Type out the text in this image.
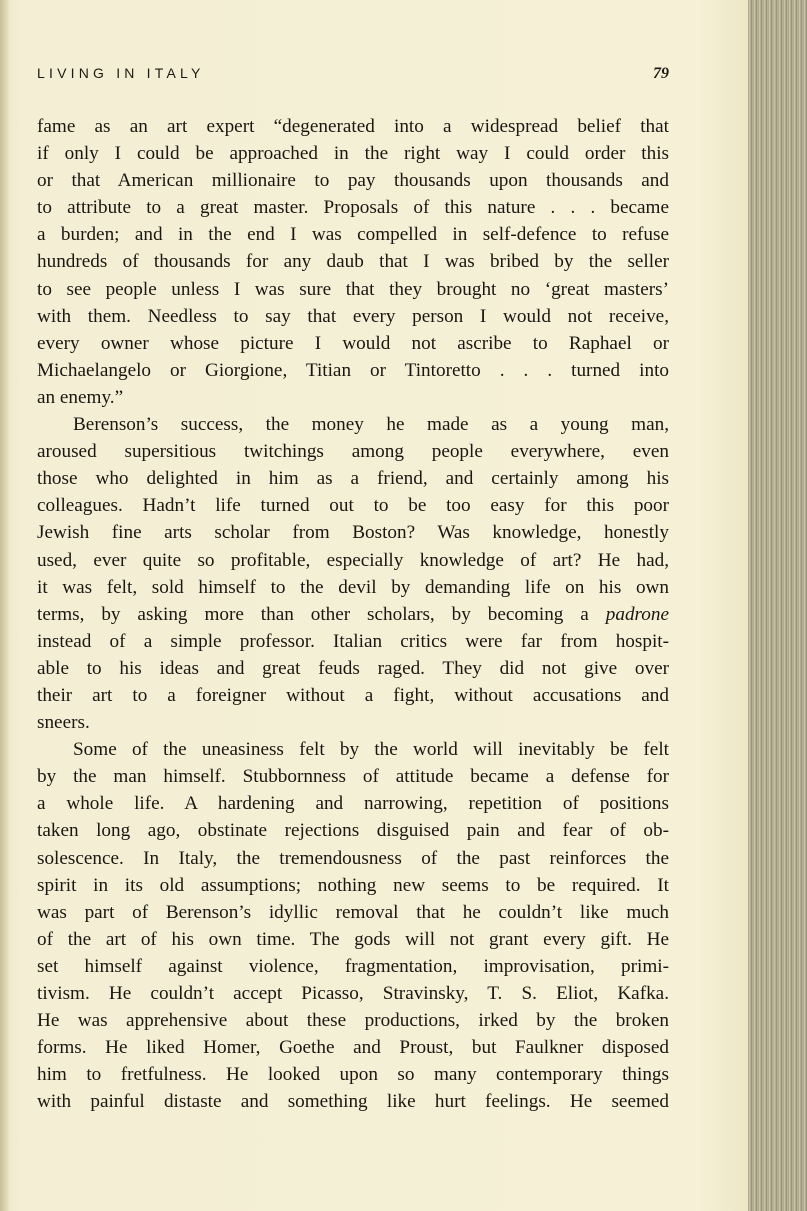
LIVING IN ITALY	79
fame as an art expert “degenerated into a widespread belief that
if only I could be approached in the right way I could order this
or that American millionaire to pay thousands upon thousands and
to attribute to a great master. Proposals of this nature . . . became
a burden; and in the end I was compelled in self-defence to refuse
hundreds of thousands for any daub that I was bribed by the seller
to see people unless I was sure that they brought no ‘great masters’
with them. Needless to say that every person I would not receive,
every owner whose picture I would not ascribe to Raphael or
Michaelangelo or Giorgione, Titian or Tintoretto . . . turned into
an enemy.”
Berenson’s success, the money he made as a young man,
aroused supersitious twitchings among people everywhere, even
those who delighted in him as a friend, and certainly among his
colleagues. Hadn’t life turned out to be too easy for this poor
Jewish fine arts scholar from Boston? Was knowledge, honestly
used, ever quite so profitable, especially knowledge of art? He had,
it was felt, sold himself to the devil by demanding life on his own
terms, by asking more than other scholars, by becoming a padrone
instead of a simple professor. Italian critics were far from hospit-
able to his ideas and great feuds raged. They did not give over
their art to a foreigner without a fight, without accusations and
sneers.
Some of the uneasiness felt by the world will inevitably be felt
by the man himself. Stubbornness of attitude became a defense for
a whole life. A hardening and narrowing, repetition of positions
taken long ago, obstinate rejections disguised pain and fear of ob-
solescence. In Italy, the tremendousness of the past reinforces the
spirit in its old assumptions; nothing new seems to be required. It
was part of Berenson’s idyllic removal that he couldn’t like much
of the art of his own time. The gods will not grant every gift. He
set himself against violence, fragmentation, improvisation, primi-
tivism. He couldn’t accept Picasso, Stravinsky, T. S. Eliot, Kafka.
He was apprehensive about these productions, irked by the broken
forms. He liked Homer, Goethe and Proust, but Faulkner disposed
him to fretfulness. He looked upon so many contemporary things
with painful distaste and something like hurt feelings. He seemed
